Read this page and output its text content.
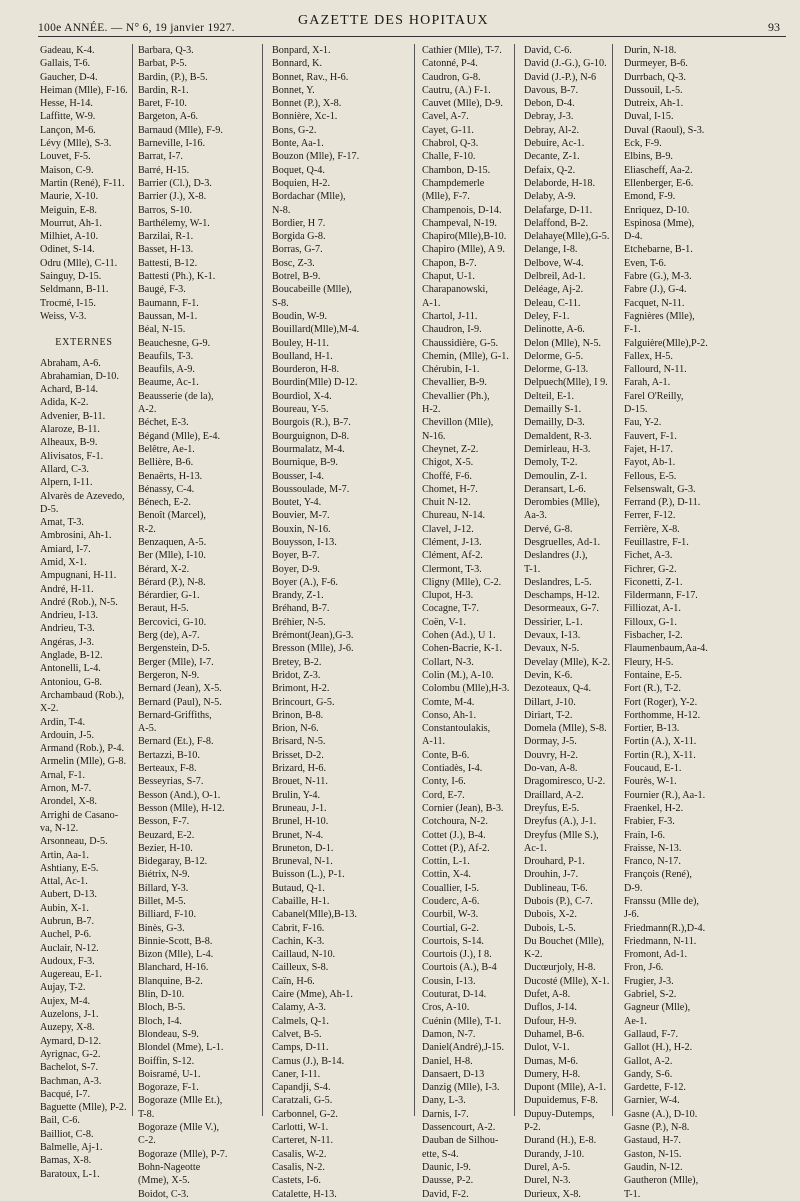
100e ANNÉE. — N° 6, 19 janvier 1927.	GAZETTE DES HOPITAUX	93
Gadeau, K-4.
Gallais, T-6.
Gaucher, D-4.
Heiman (Mlle), F-16.
Hesse, H-14.
Laffitte, W-9.
Lançon, M-6.
Lévy (Mlle), S-3.
Louvet, F-5.
Maison, C-9.
Martin (René), F-11.
Maurie, X-10.
Meiguin, E-8.
Mourrut, Ah-1.
Milhiet, A-10.
Odinet, S-14.
Odru (Mlle), C-11.
Sainguy, D-15.
Seldmann, B-11.
Trocmé, I-15.
Weiss, V-3.
EXTERNES
Abraham, A-6.
Abrahamian, D-10.
Achard, B-14.
Adida, K-2.
Advenier, B-11.
Alaroze, B-11.
Alheaux, B-9.
Alivisatos, F-1.
Allard, C-3.
Alpern, I-11.
Alvarès de Azevedo,
D-5.
Amat, T-3.
Ambrosini, Ah-1.
Amiard, I-7.
Amid, X-1.
Ampugnani, H-11.
André, H-11.
André (Rob.), N-5.
Andrieu, I-13.
Andrieu, T-3.
Angéras, J-3.
Anglade, B-12.
Antonelli, L-4.
Antoniou, G-8.
Archambaud (Rob.),
X-2.
Ardin, T-4.
Ardouin, J-5.
Armand (Rob.), P-4.
Armelin (Mlle), G-8.
Arnal, F-1.
Arnon, M-7.
Arondel, X-8.
Arrighi de Casano-
va, N-12.
Arsonneau, D-5.
Artin, Aa-1.
Ashtiany, E-5.
Attal, Ac-1.
Aubert, D-13.
Aubin, X-1.
Aubrun, B-7.
Auchel, P-6.
Auclair, N-12.
Audoux, F-3.
Augereau, E-1.
Aujay, T-2.
Aujex, M-4.
Auzelons, J-1.
Auzepy, X-8.
Aymard, D-12.
Ayrignac, G-2.
Bachelot, S-7.
Bachman, A-3.
Bacqué, I-7.
Baguette (Mlle), P-2.
Bail, C-6.
Bailliot, C-8.
Balmelle, Aj-1.
Bamas, X-8.
Baratoux, L-1.
Barbara, Q-3.
Barbat, P-5.
Bardin, (P.), B-5.
Bardin, R-1.
Baret, F-10.
Bargeton, A-6.
Barnaud (Mlle), F-9.
Barneville, I-16.
Barrat, I-7.
Barré, H-15.
Barrier (Cl.), D-3.
Barrier (J.), X-8.
Barros, S-10.
Barthélemy, W-1.
Barzilai, R-1.
Basset, H-13.
Battesti, B-12.
Battesti (Ph.), K-1.
Baugé, F-3.
Baumann, F-1.
Baussan, M-1.
Béal, N-15.
Beauchesne, G-9.
Beaufils, T-3.
Beaufils, A-9.
Beaume, Ac-1.
Beausserie (de la),
A-2.
Béchet, E-3.
Bégand (Mlle), E-4.
Belêtre, Ae-1.
Bellière, B-6.
Benaërts, H-13.
Bénassy, C-4.
Bénech, E-2.
Benoît (Marcel),
R-2.
Benzaquen, A-5.
Ber (Mlle), I-10.
Bérard, X-2.
Bérard (P.), N-8.
Bérardier, G-1.
Beraut, H-5.
Bercovici, G-10.
Berg (de), A-7.
Bergenstein, D-5.
Berger (Mlle), I-7.
Bergeron, N-9.
Bernard (Jean), X-5.
Bernard (Paul), N-5.
Bernard-Griffiths,
A-5.
Bernard (Et.), F-8.
Bertazzi, B-10.
Berteaux, F-8.
Besseyrias, S-7.
Besson (And.), O-1.
Besson (Mlle), H-12.
Besson, F-7.
Beuzard, E-2.
Bezier, H-10.
Bidegaray, B-12.
Biétrix, N-9.
Billard, Y-3.
Billet, M-5.
Billiard, F-10.
Binès, G-3.
Binnie-Scott, B-8.
Bizon (Mlle), L-4.
Blanchard, H-16.
Blanquine, B-2.
Blin, D-10.
Bloch, B-5.
Bloch, I-4.
Blondeau, S-9.
Blondel (Mme), L-1.
Boiffin, S-12.
Boisramé, U-1.
Bogoraze, F-1.
Bogoraze (Mlle Et.),
T-8.
Bogoraze (Mlle V.),
C-2.
Bogoraze (Mlle), P-7.
Bohn-Nageotte
(Mme), X-5.
Boidot, C-3.
Bonpard, X-1.
Bonnard, K.
Bonnet, Rav., H-6.
Bonnet, Y.
Bonnet (P.), X-8.
Bonnière, Xc-1.
Bons, G-2.
Bonte, Aa-1.
Bouzon (Mlle), F-17.
Boquet, Q-4.
Boquien, H-2.
Bordachar (Mlle),
N-8.
Bordier, H 7.
Borgida G-8.
Borras, G-7.
Bosc, Z-3.
Botrel, B-9.
Boucabeille (Mlle),
S-8.
Boudin, W-9.
Bouillard(Mlle),M-4.
Bouley, H-11.
Boulland, H-1.
Bourderon, H-8.
Bourdin(Mlle) D-12.
Bourdiol, X-4.
Boureau, Y-5.
Bourgois (R.), B-7.
Bourguignon, D-8.
Bourmalatz, M-4.
Bournique, B-9.
Bousser, I-4.
Boussoulade, M-7.
Boutet, Y-4.
Bouvier, M-7.
Bouxin, N-16.
Bouysson, I-13.
Boyer, B-7.
Boyer, D-9.
Boyer (A.), F-6.
Brandy, Z-1.
Bréhand, B-7.
Bréhier, N-5.
Brémont(Jean),G-3.
Bresson (Mlle), J-6.
Bretey, B-2.
Bridot, Z-3.
Brimont, H-2.
Brincourt, G-5.
Brinon, B-8.
Brion, N-6.
Brisard, N-5.
Brisset, D-2.
Brizard, H-6.
Brouet, N-11.
Brulin, Y-4.
Bruneau, J-1.
Brunel, H-10.
Brunet, N-4.
Bruneton, D-1.
Bruneval, N-1.
Buisson (L.), P-1.
Butaud, Q-1.
Cabaille, H-1.
Cabanel(Mlle),B-13.
Cabrit, F-16.
Cachin, K-3.
Caillaud, N-10.
Cailleux, S-8.
Caïn, H-6.
Caire (Mme), Ah-1.
Calamy, A-3.
Calmels, Q-1.
Calvet, B-5.
Camps, D-11.
Camus (J.), B-14.
Caner, I-11.
Capandji, S-4.
Caratzali, G-5.
Carbonnel, G-2.
Carlotti, W-1.
Carteret, N-11.
Casalis, W-2.
Casalis, N-2.
Castets, I-6.
Catalette, H-13.
Cathier (Mlle), T-7.
Catonné, P-4.
Caudron, G-8.
Cautru, (A.) F-1.
Cauvet (Mlle), D-9.
Cavel, A-7.
Cayet, G-11.
Chabrol, Q-3.
Challe, F-10.
Chambon, D-15.
Champdemerle
(Mlle), F-7.
Champenois, D-14.
Champeval, N-19.
Chapiro(Mlle),B-10.
Chapiro (Mlle), A 9.
Chapon, B-7.
Chaput, U-1.
Charapanowski,
A-1.
Chartol, J-11.
Chaudron, I-9.
Chaussidière, G-5.
Chemin, (Mlle), G-1.
Chérubin, I-1.
Chevallier, B-9.
Chevallier (Ph.),
H-2.
Chevillon (Mlle),
N-16.
Cheynet, Z-2.
Chigot, X-5.
Choffé, F-6.
Chomet, H-7.
Chuit N-12.
Chureau, N-14.
Clavel, J-12.
Clément, J-13.
Clément, Af-2.
Clermont, T-3.
Cligny (Mlle), C-2.
Clupot, H-3.
Cocagne, T-7.
Coën, V-1.
Cohen (Ad.), U 1.
Cohen-Bacrie, K-1.
Collart, N-3.
Colin (M.), A-10.
Colombu (Mlle),H-3.
Comte, M-4.
Conso, Ah-1.
Constantoulakis,
A-11.
Conte, B-6.
Contiadès, I-4.
Conty, I-6.
Cord, E-7.
Cornier (Jean), B-3.
Cotchoura, N-2.
Cottet (J.), B-4.
Cottet (P.), Af-2.
Cottin, L-1.
Cottin, X-4.
Couallier, I-5.
Couderc, A-6.
Courbil, W-3.
Courtial, G-2.
Courtois, S-14.
Courtois (J.), I 8.
Courtois (A.), B-4
Cousin, I-13.
Couturat, D-14.
Cros, A-10.
Cuénin (Mlle), T-1.
Damon, N-7.
Daniel(André),J-15.
Daniel, H-8.
Dansaert, D-13
Danzig (Mlle), I-3.
Dany, L-3.
Darnis, I-7.
Dassencourt, A-2.
Dauban de Silhou-
ette, S-4.
Daunic, I-9.
Dausse, P-2.
David, F-2.
David, C-6.
David (J.-G.), G-10.
David (J.-P.), N-6
Davous, B-7.
Debon, D-4.
Debray, J-3.
Debray, Al-2.
Debuire, Ac-1.
Decante, Z-1.
Defaix, Q-2.
Delaborde, H-18.
Delaby, A-9.
Delafarge, D-11.
Delaffond, B-2.
Delahaye(Mlle),G-5.
Delange, I-8.
Delbove, W-4.
Delbreil, Ad-1.
Deléage, Aj-2.
Deleau, C-11.
Deley, F-1.
Delinotte, A-6.
Delon (Mlle), N-5.
Delorme, G-5.
Delorme, G-13.
Delpuech(Mlle), I 9.
Delteil, E-1.
Demailly S-1.
Demailly, D-3.
Demaldent, R-3.
Demirleau, H-3.
Demoly, T-2.
Demoulin, Z-1.
Deransart, L-6.
Derombies (Mlle),
Aa-3.
Dervé, G-8.
Desgruelles, Ad-1.
Deslandres (J.),
T-1.
Deslandres, L-5.
Deschamps, H-12.
Desormeaux, G-7.
Dessirier, L-1.
Devaux, I-13.
Devaux, N-5.
Develay (Mlle), K-2.
Devin, K-6.
Dezoteaux, Q-4.
Dillart, J-10.
Diriart, T-2.
Domela (Mlle), S-8.
Dormay, J-5.
Douvry, H-2.
Do-van, A-8.
Dragomiresco, U-2.
Draillard, A-2.
Dreyfus, E-5.
Dreyfus (A.), J-1.
Dreyfus (Mlle S.),
Ac-1.
Drouhard, P-1.
Drouhin, J-7.
Dublineau, T-6.
Dubois (P.), C-7.
Dubois, X-2.
Dubois, L-5.
Du Bouchet (Mlle),
K-2.
Ducœurjoly, H-8.
Ducosté (Mlle), X-1.
Dufet, A-8.
Duflos, J-14.
Dufour, H-9.
Duhamel, B-6.
Dulot, V-1.
Dumas, M-6.
Dumery, H-8.
Dupont (Mlle), A-1.
Dupuidemus, F-8.
Dupuy-Dutemps,
P-2.
Durand (H.), E-8.
Durandy, J-10.
Durel, A-5.
Durel, N-3.
Durieux, X-8.
Durin, N-18.
Durmeyer, B-6.
Durrbach, Q-3.
Dussouil, L-5.
Dutreix, Ah-1.
Duval, I-15.
Duval (Raoul), S-3.
Eck, F-9.
Elbins, B-9.
Eliascheff, Aa-2.
Ellenberger, E-6.
Emond, F-9.
Enriquez, D-10.
Espinosa (Mme),
D-4.
Etchebarne, B-1.
Even, T-6.
Fabre (G.), M-3.
Fabre (J.), G-4.
Facquet, N-11.
Fagnières (Mlle),
F-1.
Falguière(Mlle),P-2.
Fallex, H-5.
Fallourd, N-11.
Farah, A-1.
Farel O'Reilly,
D-15.
Fau, Y-2.
Fauvert, F-1.
Fajet, H-17.
Fayot, Ab-1.
Fellous, E-5.
Felsenswalt, G-3.
Ferrand (P.), D-11.
Ferrer, F-12.
Ferrière, X-8.
Feuillastre, F-1.
Fichet, A-3.
Fichrer, G-2.
Ficonetti, Z-1.
Fildermann, F-17.
Filliozat, A-1.
Filloux, G-1.
Fisbacher, I-2.
Flaumenbaum,Aa-4.
Fleury, H-5.
Fontaine, E-5.
Fort (R.), T-2.
Fort (Roger), Y-2.
Forthomme, H-12.
Fortier, B-13.
Fortin (A.), X-11.
Fortin (R.), X-11.
Foucaud, E-1.
Fourès, W-1.
Fournier (R.), Aa-1.
Fraenkel, H-2.
Frabier, F-3.
Frain, I-6.
Fraisse, N-13.
Franco, N-17.
François (René),
D-9.
Franssu (Mlle de),
J-6.
Friedmann(R.),D-4.
Friedmann, N-11.
Fromont, Ad-1.
Fron, J-6.
Frugier, J-3.
Gabriel, S-2.
Gagneur (Mlle),
Ae-1.
Gallaud, F-7.
Gallot (H.), H-2.
Gallot, A-2.
Gandy, S-6.
Gardette, F-12.
Garnier, W-4.
Gasne (A.), D-10.
Gasne (P.), N-8.
Gastaud, H-7.
Gaston, N-15.
Gaudin, N-12.
Gautheron (Mlle),
T-1.
